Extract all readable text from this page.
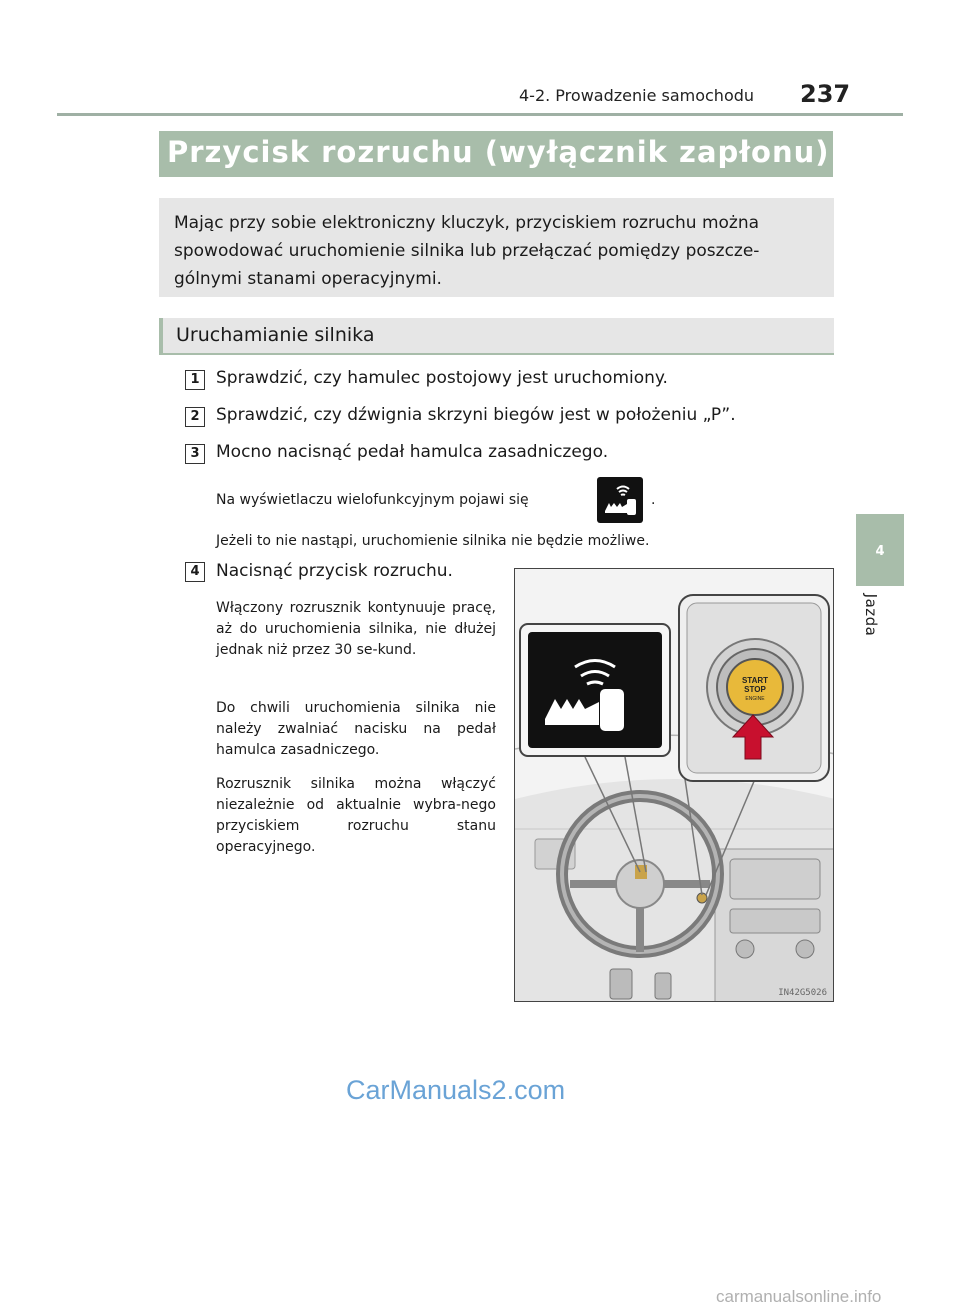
4-2. Prowadzenie samochodu 237
4
Jazda
Przycisk rozruchu (wyłącznik zapłonu)
Mając przy sobie elektroniczny kluczyk, przyciskiem rozruchu można spowodować uruchomienie silnika lub przełączać pomiędzy poszcze-gólnymi stanami operacyjnymi.
Uruchamianie silnika
1 Sprawdzić, czy hamulec postojowy jest uruchomiony.
2 Sprawdzić, czy dźwignia skrzyni biegów jest w położeniu „P”.
3 Mocno nacisnąć pedał hamulca zasadniczego.
Na wyświetlaczu wielofunkcyjnym pojawi się	.
Jeżeli to nie nastąpi, uruchomienie silnika nie będzie możliwe.
4 Nacisnąć przycisk rozruchu.
Włączony rozrusznik kontynuuje pracę, aż do uruchomienia silnika, nie dłużej jednak niż przez 30 se-kund.
Do chwili uruchomienia silnika nie należy zwalniać nacisku na pedał hamulca zasadniczego.
Rozrusznik silnika można włączyć niezależnie od aktualnie wybra-nego przyciskiem rozruchu stanu operacyjnego.
START
STOP
ENGINE
IN42G5026
CarManuals2.com
carmanualsonline.info
